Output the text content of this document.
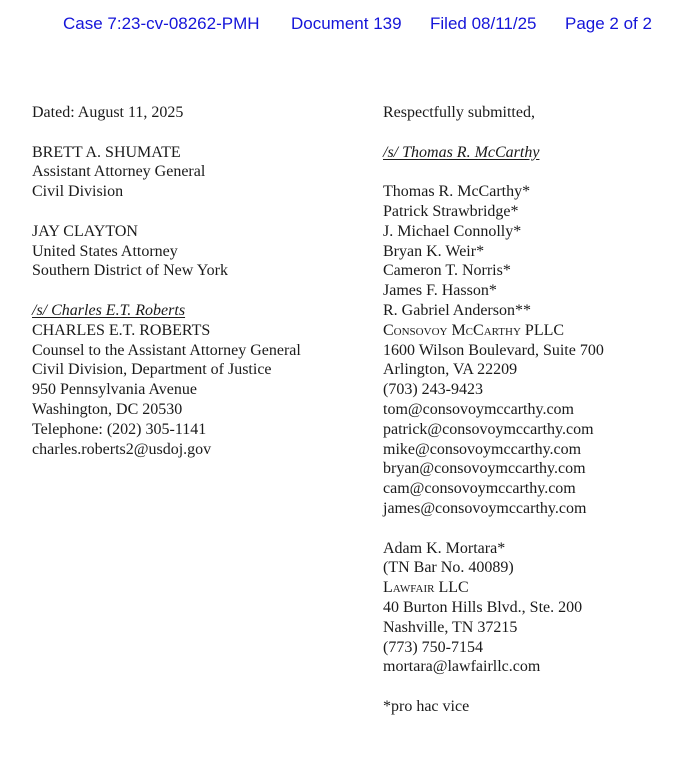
Case 7:23-cv-08262-PMH Document 139 Filed 08/11/25 Page 2 of 2
Dated: August 11, 2025
BRETT A. SHUMATE
Assistant Attorney General
Civil Division
JAY CLAYTON
United States Attorney
Southern District of New York
/s/ Charles E.T. Roberts
CHARLES E.T. ROBERTS
Counsel to the Assistant Attorney General
Civil Division, Department of Justice
950 Pennsylvania Avenue
Washington, DC 20530
Telephone: (202) 305-1141
charles.roberts2@usdoj.gov
Respectfully submitted,
/s/ Thomas R. McCarthy
Thomas R. McCarthy*
Patrick Strawbridge*
J. Michael Connolly*
Bryan K. Weir*
Cameron T. Norris*
James F. Hasson*
R. Gabriel Anderson**
Consovoy McCarthy PLLC
1600 Wilson Boulevard, Suite 700
Arlington, VA 22209
(703) 243-9423
tom@consovoymccarthy.com
patrick@consovoymccarthy.com
mike@consovoymccarthy.com
bryan@consovoymccarthy.com
cam@consovoymccarthy.com
james@consovoymccarthy.com
Adam K. Mortara*
(TN Bar No. 40089)
Lawfair LLC
40 Burton Hills Blvd., Ste. 200
Nashville, TN 37215
(773) 750-7154
mortara@lawfairllc.com
*pro hac vice
